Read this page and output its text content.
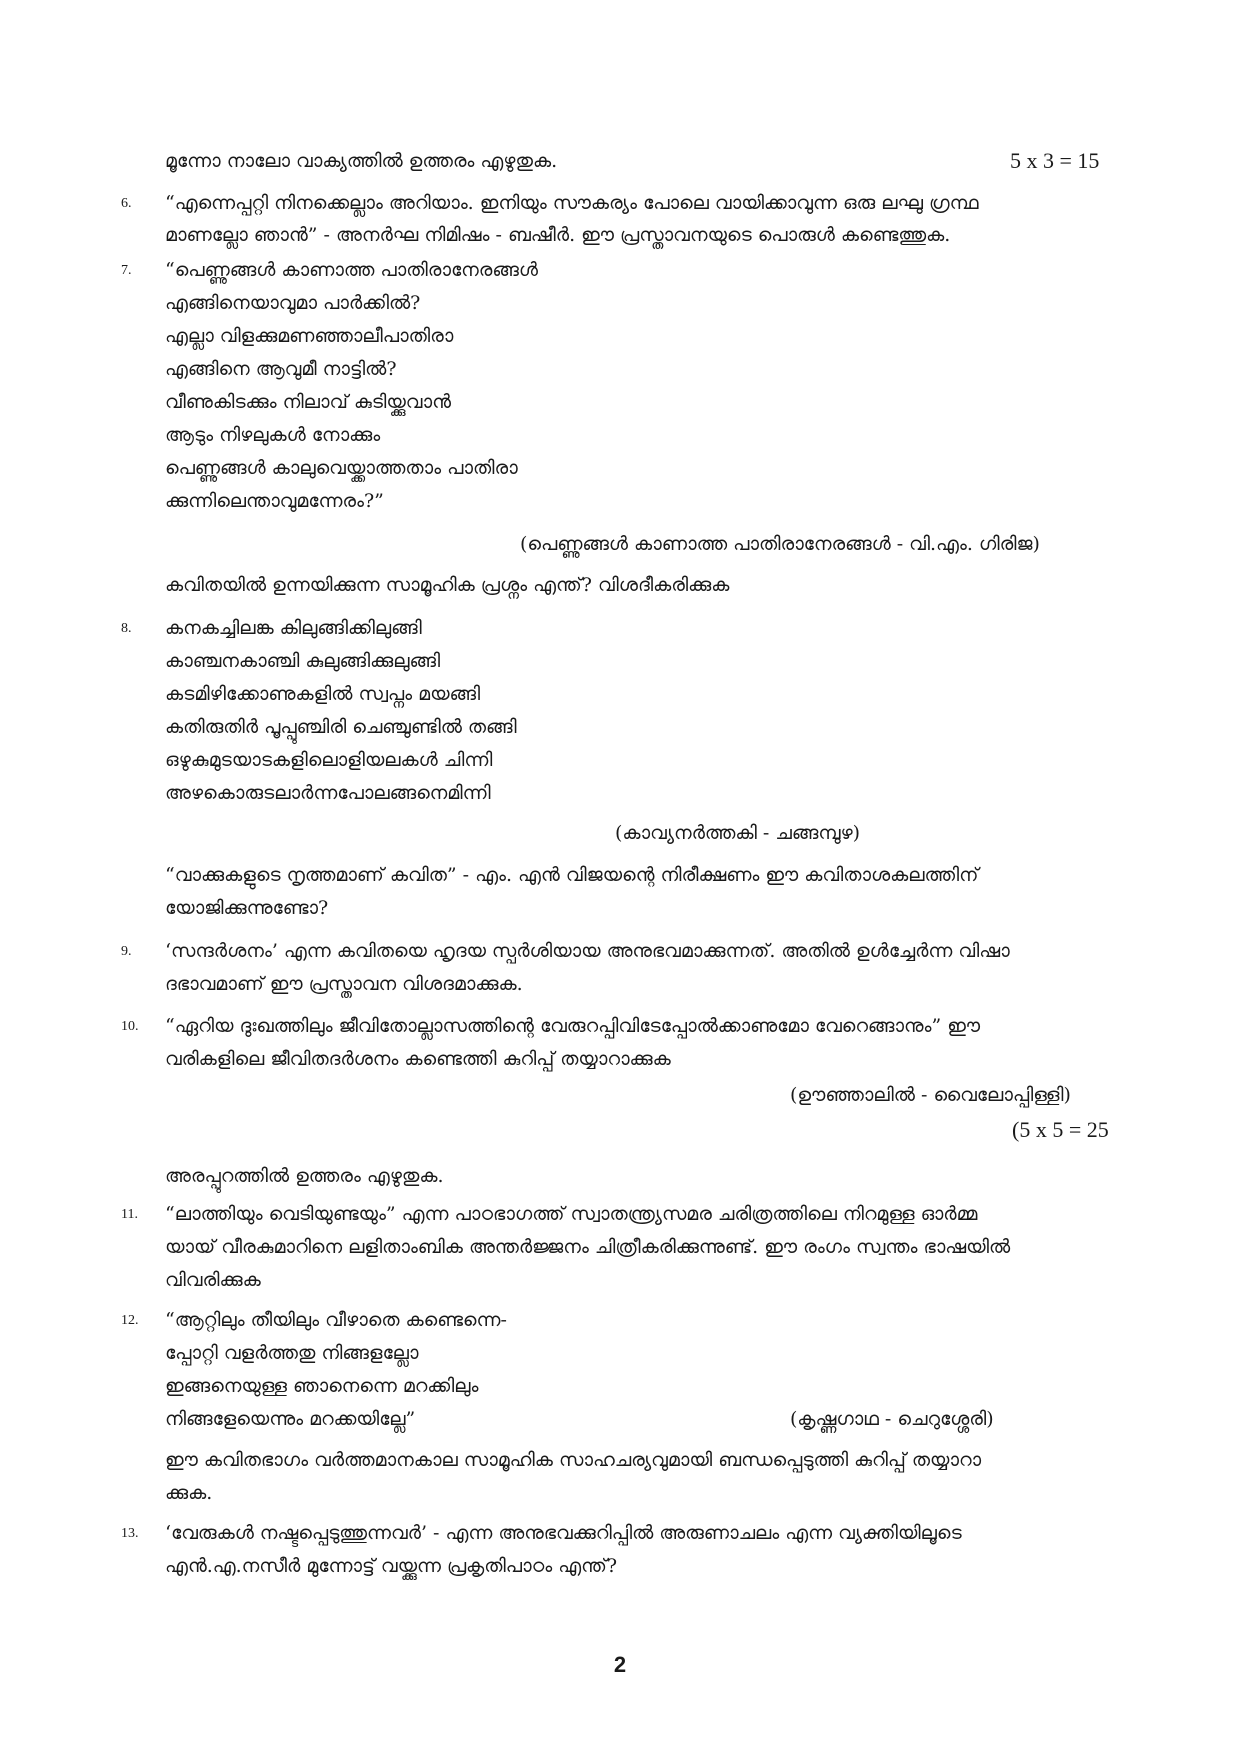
മൂന്നോ നാലോ വാക്യത്തിൽ ഉത്തരം എഴുതുക.	5 x 3 = 15
6. “എന്നെപ്പറ്റി നിനക്കെല്ലാം അറിയാം. ഇനിയും സൗകര്യം പോലെ വായിക്കാവുന്ന ഒരു ലഘു ഗ്രന്ഥ
മാണല്ലോ ഞാൻ” - അനർഘ നിമിഷം - ബഷീർ. ഈ പ്രസ്താവനയുടെ പൊരുൾ കണ്ടെത്തുക.
7. “പെണ്ണുങ്ങൾ കാണാത്ത പാതിരാനേരങ്ങൾ
എങ്ങിനെയാവുമാ പാർക്കിൽ?
എല്ലാ വിളക്കുമണഞ്ഞാലീപാതിരാ
എങ്ങിനെ ആവുമീ നാട്ടിൽ?
വീണുകിടക്കും നിലാവ് കുടിയ്ക്കുവാൻ
ആടും നിഴലുകൾ നോക്കും
പെണ്ണുങ്ങൾ കാലുവെയ്ക്കാത്തതാം പാതിരാ
ക്കുന്നിലെന്താവുമന്നേരം?”
(പെണ്ണുങ്ങൾ കാണാത്ത പാതിരാനേരങ്ങൾ - വി.എം. ഗിരിജ)
കവിതയിൽ ഉന്നയിക്കുന്ന സാമൂഹിക പ്രശ്നം എന്ത്? വിശദീകരിക്കുക
8. കനകച്ചിലങ്ക കിലുങ്ങിക്കിലുങ്ങി
കാഞ്ചനകാഞ്ചി കുലുങ്ങിക്കുലുങ്ങി
കടമിഴിക്കോണുകളിൽ സ്വപ്നം മയങ്ങി
കതിരുതിർ പൂപ്പുഞ്ചിരി ചെഞ്ചുണ്ടിൽ തങ്ങി
ഒഴുകുമുടയാടകളിലൊളിയലകൾ ചിന്നി
അഴകൊരുടലാർന്നപോലങ്ങനെമിന്നി
(കാവ്യനർത്തകി - ചങ്ങമ്പുഴ)
“വാക്കുകളുടെ നൃത്തമാണ് കവിത” - എം. എൻ വിജയന്റെ നിരീക്ഷണം ഈ കവിതാശകലത്തിന്
യോജിക്കുന്നുണ്ടോ?
9. ‘സന്ദർശനം’ എന്ന കവിതയെ ഹൃദയ സ്പർശിയായ അനുഭവമാക്കുന്നത്. അതിൽ ഉൾച്ചേർന്ന വിഷാ
ദഭാവമാണ് ഈ പ്രസ്താവന വിശദമാക്കുക.
10. “ഏറിയ ദുഃഖത്തിലും ജീവിതോല്ലാസത്തിന്റെ വേരുറപ്പിവിടേപ്പോൽക്കാണുമോ വേറെങ്ങാനും” ഈ
വരികളിലെ ജീവിതദർശനം കണ്ടെത്തി കുറിപ്പ് തയ്യാറാക്കുക
(ഊഞ്ഞാലിൽ - വൈലോപ്പിള്ളി)
(5 x 5 = 25
അരപ്പുറത്തിൽ ഉത്തരം എഴുതുക.
11. “ലാത്തിയും വെടിയുണ്ടയും” എന്ന പാഠഭാഗത്ത് സ്വാതന്ത്ര്യസമര ചരിത്രത്തിലെ നിറമുള്ള ഓർമ്മ
യായ് വീരകുമാറിനെ ലളിതാംബിക അന്തർജ്ജനം ചിത്രീകരിക്കുന്നുണ്ട്. ഈ രംഗം സ്വന്തം ഭാഷയിൽ
വിവരിക്കുക
12. “ആറ്റിലും തീയിലും വീഴാതെ കണ്ടെന്നെ-
പ്പോറ്റി വളർത്തതു നിങ്ങളല്ലോ
ഇങ്ങനെയുള്ള ഞാനെന്നെ മറക്കിലും
നിങ്ങളേയെന്നും മറക്കയില്ലേ”	(കൃഷ്ണഗാഥ - ചെറുശ്ശേരി)
ഈ കവിതഭാഗം വർത്തമാനകാല സാമൂഹിക സാഹചര്യവുമായി ബന്ധപ്പെടുത്തി കുറിപ്പ് തയ്യാറാ
ക്കുക.
13. ‘വേരുകൾ നഷ്ടപ്പെടുത്തുന്നവർ’ - എന്ന അനുഭവക്കുറിപ്പിൽ അരുണാചലം എന്ന വ്യക്തിയിലൂടെ
എൻ.എ.നസീർ മുന്നോട്ട് വയ്ക്കുന്ന പ്രകൃതിപാഠം എന്ത്?
2
